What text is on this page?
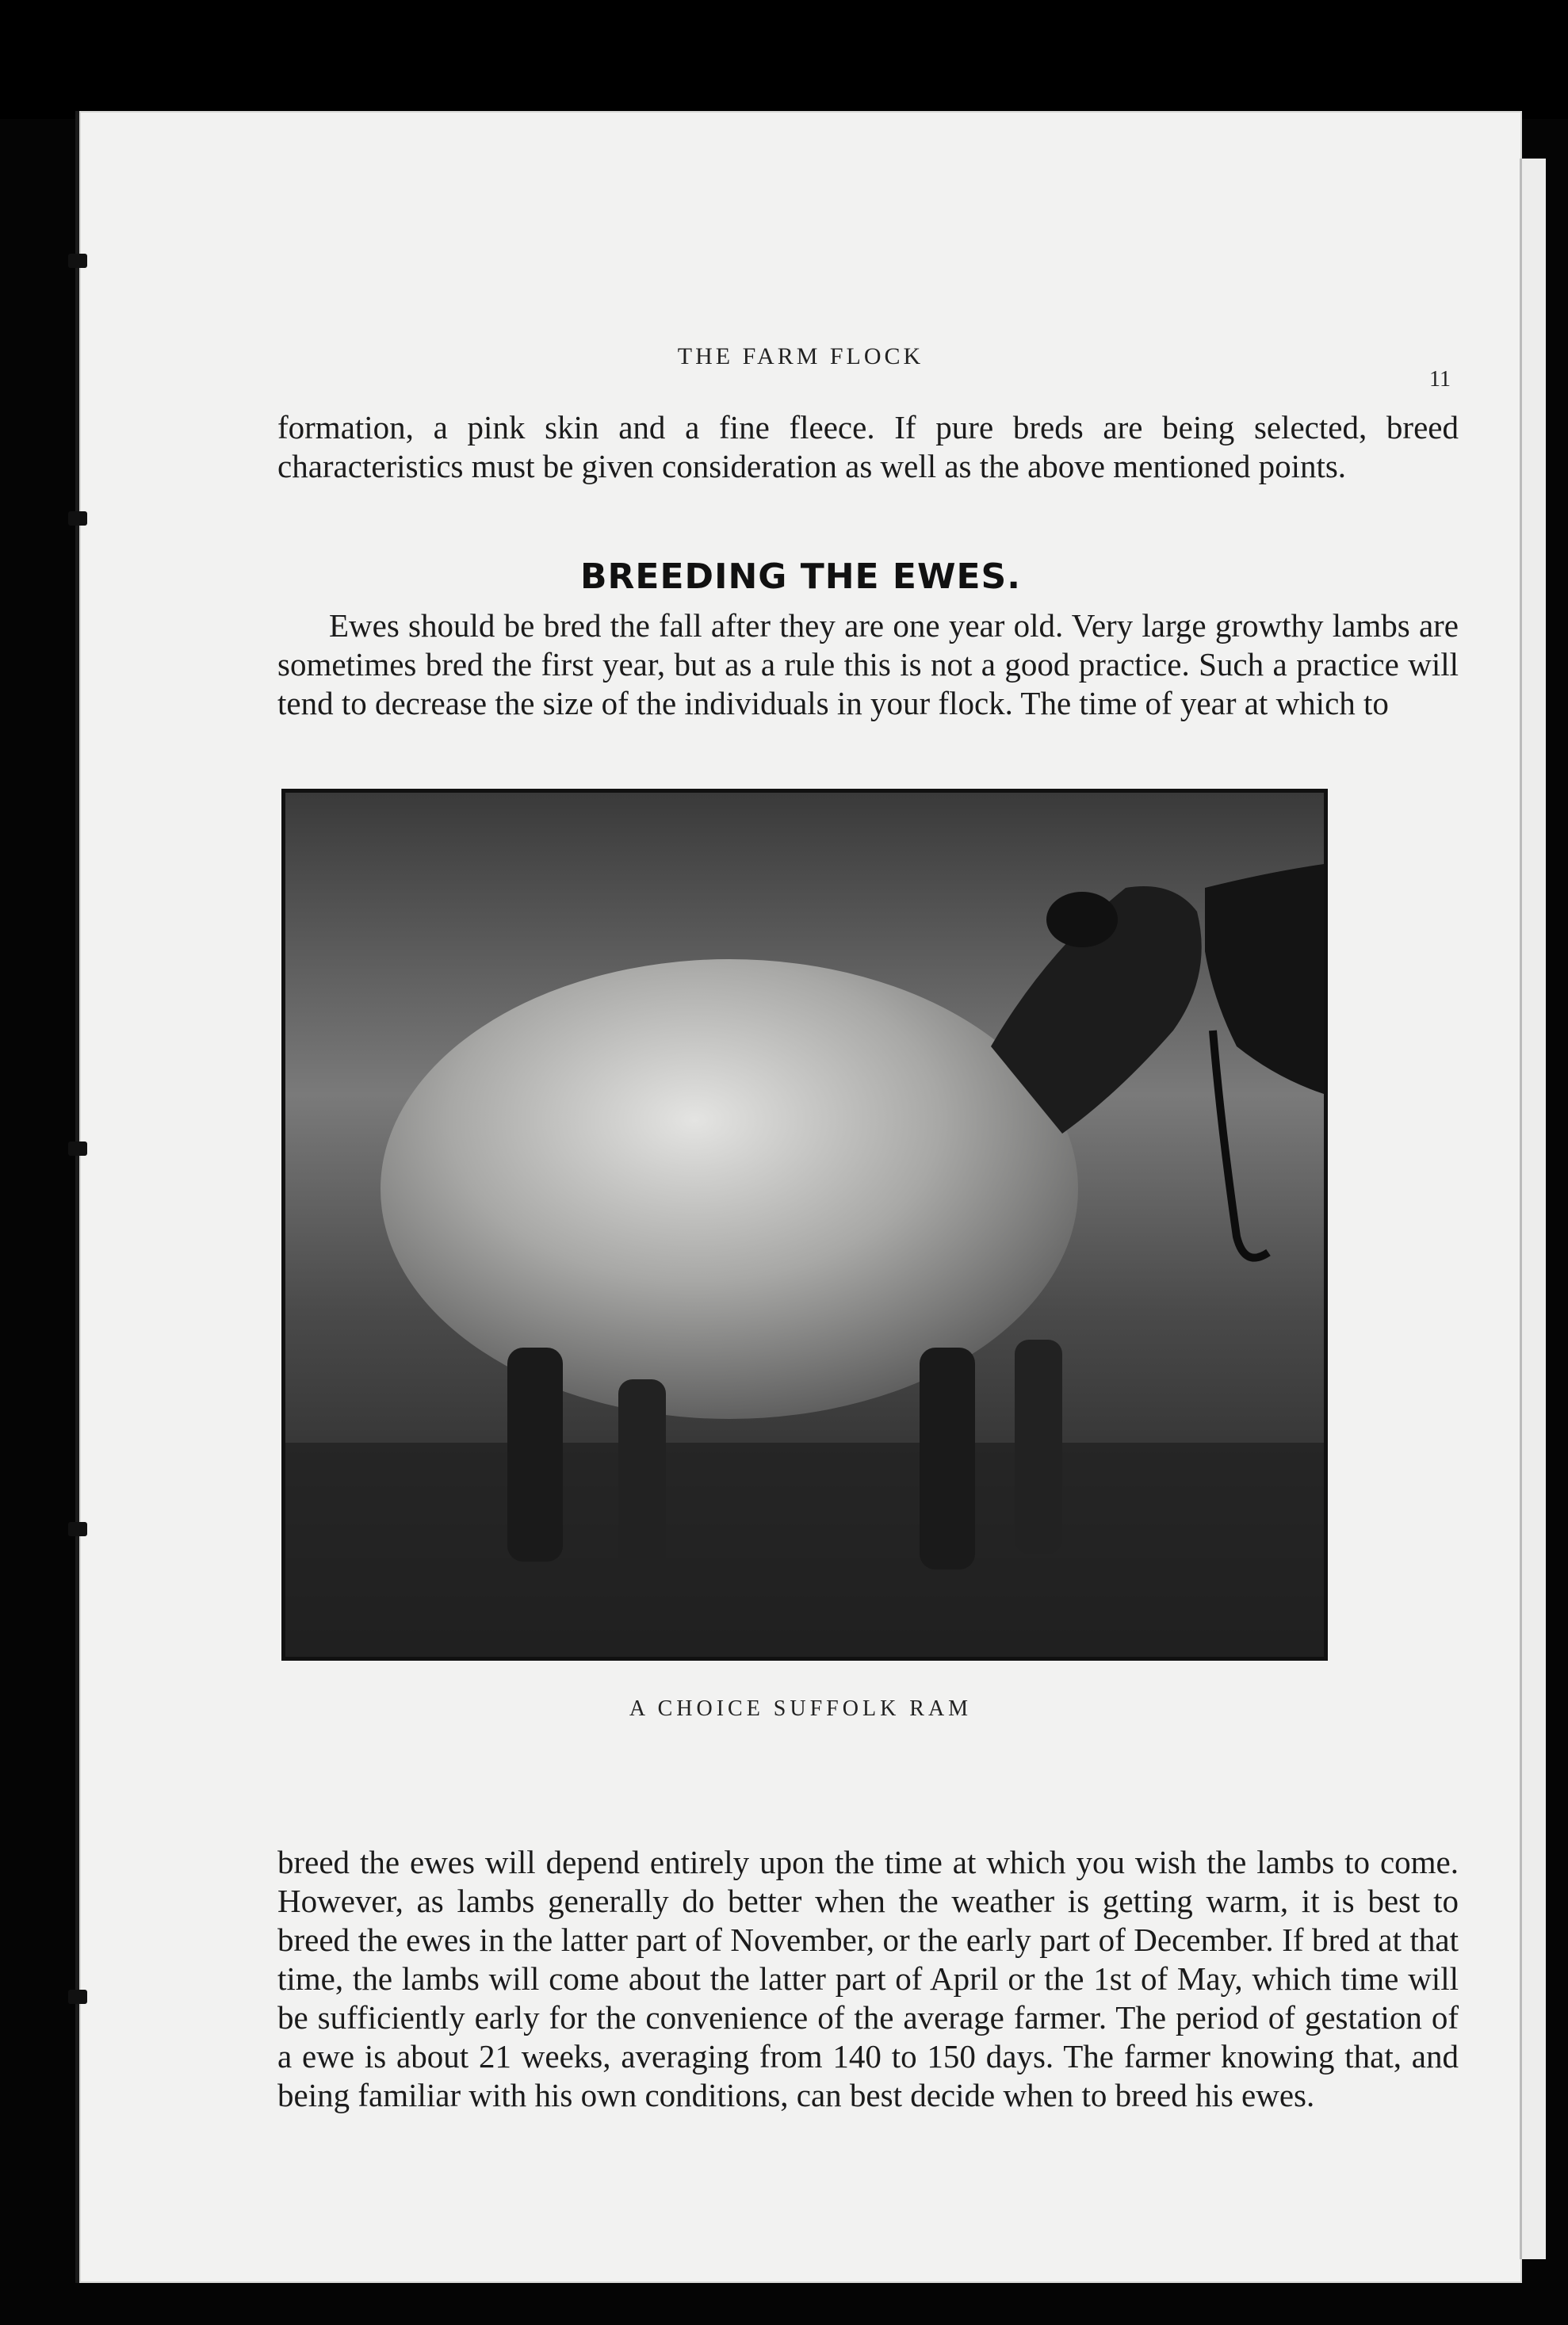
THE FARM FLOCK
11

formation, a pink skin and a fine fleece. If pure breds are being selected, breed characteristics must be given consideration as well as the above mentioned points.

BREEDING THE EWES.

Ewes should be bred the fall after they are one year old. Very large growthy lambs are sometimes bred the first year, but as a rule this is not a good practice. Such a practice will tend to decrease the size of the individuals in your flock. The time of year at which to

A CHOICE SUFFOLK RAM

breed the ewes will depend entirely upon the time at which you wish the lambs to come. However, as lambs generally do better when the weather is getting warm, it is best to breed the ewes in the latter part of November, or the early part of December. If bred at that time, the lambs will come about the latter part of April or the 1st of May, which time will be sufficiently early for the convenience of the average farmer. The period of gestation of a ewe is about 21 weeks, averaging from 140 to 150 days. The farmer knowing that, and being familiar with his own conditions, can best decide when to breed his ewes.
